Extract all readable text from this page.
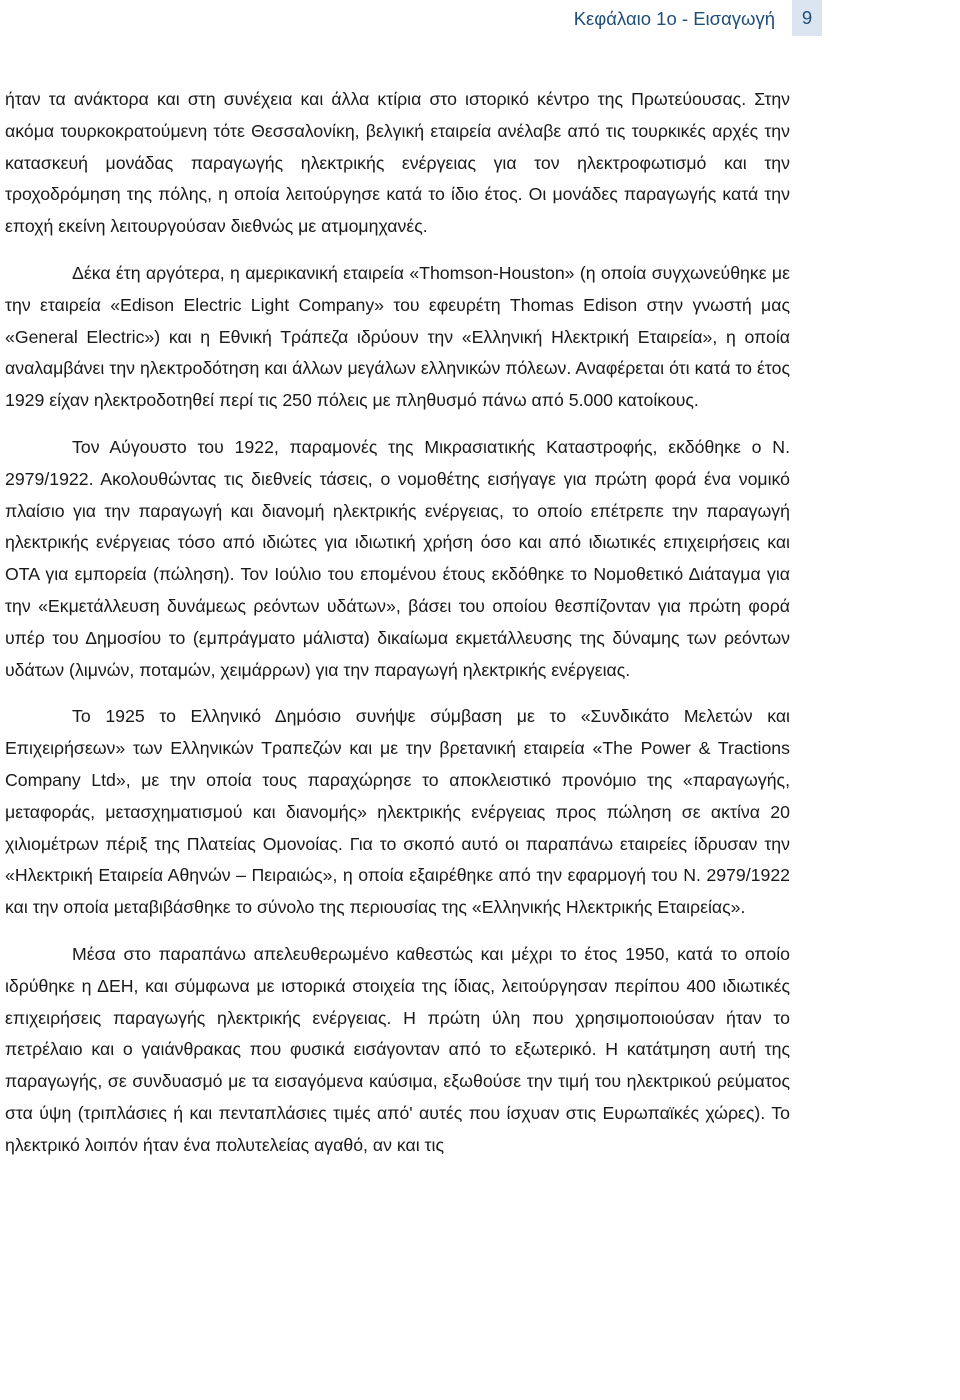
Κεφάλαιο 1ο - Εισαγωγή	9

ήταν τα ανάκτορα και στη συνέχεια και άλλα κτίρια στο ιστορικό κέντρο της Πρωτεύουσας. Στην ακόμα τουρκοκρατούμενη τότε Θεσσαλονίκη, βελγική εταιρεία ανέλαβε από τις τουρκικές αρχές την κατασκευή μονάδας παραγωγής ηλεκτρικής ενέργειας για τον ηλεκτροφωτισμό και την τροχοδρόμηση της πόλης, η οποία λειτούργησε κατά το ίδιο έτος. Οι μονάδες παραγωγής κατά την εποχή εκείνη λειτουργούσαν διεθνώς με ατμομηχανές.

Δέκα έτη αργότερα, η αμερικανική εταιρεία «Thomson-Houston» (η οποία συγχωνεύθηκε με την εταιρεία «Edison Electric Light Company» του εφευρέτη Thomas Edison στην γνωστή μας «General Electric») και η Εθνική Τράπεζα ιδρύουν την «Ελληνική Ηλεκτρική Εταιρεία», η οποία αναλαμβάνει την ηλεκτροδότηση και άλλων μεγάλων ελληνικών πόλεων. Αναφέρεται ότι κατά το έτος 1929 είχαν ηλεκτροδοτηθεί περί τις 250 πόλεις με πληθυσμό πάνω από 5.000 κατοίκους.

Τον Αύγουστο του 1922, παραμονές της Μικρασιατικής Καταστροφής, εκδόθηκε ο Ν. 2979/1922. Ακολουθώντας τις διεθνείς τάσεις, ο νομοθέτης εισήγαγε για πρώτη φορά ένα νομικό πλαίσιο για την παραγωγή και διανομή ηλεκτρικής ενέργειας, το οποίο επέτρεπε την παραγωγή ηλεκτρικής ενέργειας τόσο από ιδιώτες για ιδιωτική χρήση όσο και από ιδιωτικές επιχειρήσεις και ΟΤΑ για εμπορεία (πώληση). Τον Ιούλιο του επομένου έτους εκδόθηκε το Νομοθετικό Διάταγμα για την «Εκμετάλλευση δυνάμεως ρεόντων υδάτων», βάσει του οποίου θεσπίζονταν για πρώτη φορά υπέρ του Δημοσίου το (εμπράγματο μάλιστα) δικαίωμα εκμετάλλευσης της δύναμης των ρεόντων υδάτων (λιμνών, ποταμών, χειμάρρων) για την παραγωγή ηλεκτρικής ενέργειας.

Το 1925 το Ελληνικό Δημόσιο συνήψε σύμβαση με το «Συνδικάτο Μελετών και Επιχειρήσεων» των Ελληνικών Τραπεζών και με την βρετανική εταιρεία «The Power & Tractions Company Ltd», με την οποία τους παραχώρησε το αποκλειστικό προνόμιο της «παραγωγής, μεταφοράς, μετασχηματισμού και διανομής» ηλεκτρικής ενέργειας προς πώληση σε ακτίνα 20 χιλιομέτρων πέριξ της Πλατείας Ομονοίας. Για το σκοπό αυτό οι παραπάνω εταιρείες ίδρυσαν την «Ηλεκτρική Εταιρεία Αθηνών – Πειραιώς», η οποία εξαιρέθηκε από την εφαρμογή του Ν. 2979/1922 και την οποία μεταβιβάσθηκε το σύνολο της περιουσίας της «Ελληνικής Ηλεκτρικής Εταιρείας».

Μέσα στο παραπάνω απελευθερωμένο καθεστώς και μέχρι το έτος 1950, κατά το οποίο ιδρύθηκε η ΔΕΗ, και σύμφωνα με ιστορικά στοιχεία της ίδιας, λειτούργησαν περίπου 400 ιδιωτικές επιχειρήσεις παραγωγής ηλεκτρικής ενέργειας. Η πρώτη ύλη που χρησιμοποιούσαν ήταν το πετρέλαιο και ο γαιάνθρακας που φυσικά εισάγονταν από το εξωτερικό. Η κατάτμηση αυτή της παραγωγής, σε συνδυασμό με τα εισαγόμενα καύσιμα, εξωθούσε την τιμή του ηλεκτρικού ρεύματος στα ύψη (τριπλάσιες ή και πενταπλάσιες τιμές από' αυτές που ίσχυαν στις Ευρωπαϊκές χώρες). Το ηλεκτρικό λοιπόν ήταν ένα πολυτελείας αγαθό, αν και τις
